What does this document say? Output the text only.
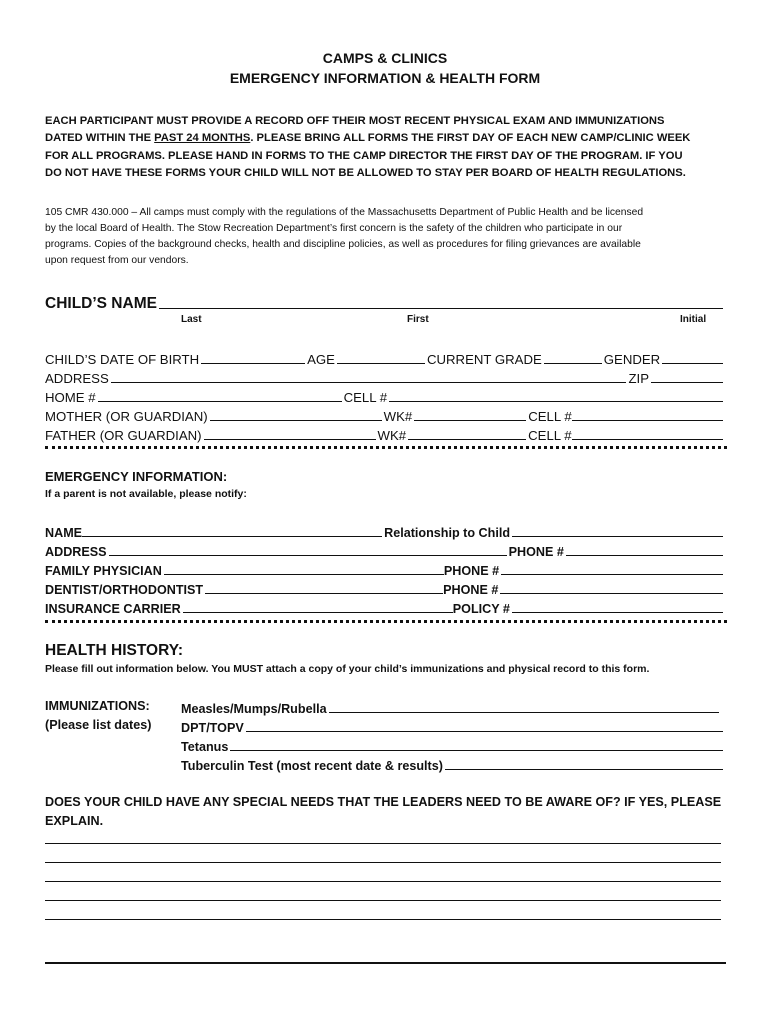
CAMPS & CLINICS
EMERGENCY INFORMATION & HEALTH FORM
EACH PARTICIPANT MUST PROVIDE A RECORD OFF THEIR MOST RECENT PHYSICAL EXAM AND IMMUNIZATIONS
DATED WITHIN THE PAST 24 MONTHS. PLEASE BRING ALL FORMS THE FIRST DAY OF EACH NEW CAMP/CLINIC WEEK
FOR ALL PROGRAMS. PLEASE HAND IN FORMS TO THE CAMP DIRECTOR THE FIRST DAY OF THE PROGRAM. IF YOU
DO NOT HAVE THESE FORMS YOUR CHILD WILL NOT BE ALLOWED TO STAY PER BOARD OF HEALTH REGULATIONS.
105 CMR 430.000 – All camps must comply with the regulations of the Massachusetts Department of Public Health and be licensed
by the local Board of Health. The Stow Recreation Department’s first concern is the safety of the children who participate in our
programs. Copies of the background checks, health and discipline policies, as well as procedures for filing grievances are available
upon request from our vendors.
CHILD’S NAME
Last	First	Initial
CHILD’S DATE OF BIRTH	AGE	CURRENT GRADE	GENDER
ADDRESS	ZIP
HOME #	CELL #
MOTHER (OR GUARDIAN)	WK#	CELL #
FATHER (OR GUARDIAN)	WK#	CELL #
EMERGENCY INFORMATION:
If a parent is not available, please notify:
NAME	Relationship to Child
ADDRESS	PHONE #
FAMILY PHYSICIAN	PHONE #
DENTIST/ORTHODONTIST	PHONE #
INSURANCE CARRIER	POLICY #
HEALTH HISTORY:
Please fill out information below. You MUST attach a copy of your child’s immunizations and physical record to this form.
IMMUNIZATIONS:
(Please list dates)
Measles/Mumps/Rubella
DPT/TOPV
Tetanus
Tuberculin Test (most recent date & results)
DOES YOUR CHILD HAVE ANY SPECIAL NEEDS THAT THE LEADERS NEED TO BE AWARE OF? IF YES, PLEASE
EXPLAIN.
